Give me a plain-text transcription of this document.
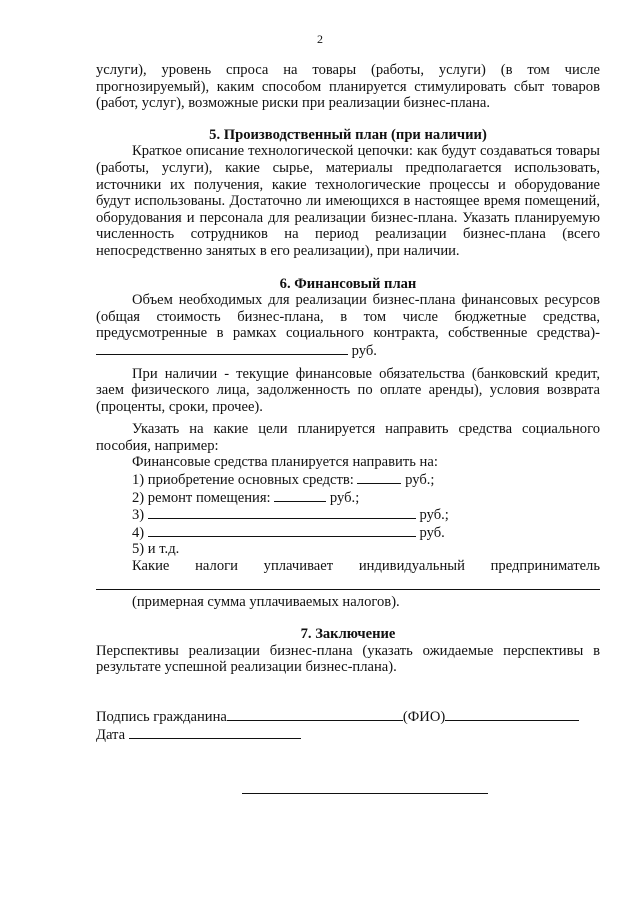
2

услуги), уровень спроса на товары (работы, услуги) (в том числе прогнозируемый), каким способом планируется стимулировать сбыт товаров (работ, услуг), возможные риски при реализации бизнес-плана.

5. Производственный план (при наличии)

Краткое описание технологической цепочки: как будут создаваться товары (работы, услуги), какие сырье, материалы предполагается использовать, источники их получения, какие технологические процессы и оборудование будут использованы. Достаточно ли имеющихся в настоящее время помещений, оборудования и персонала для реализации бизнес-плана. Указать планируемую численность сотрудников на период реализации бизнес-плана (всего непосредственно занятых в его реализации), при наличии.

6. Финансовый план

Объем необходимых для реализации бизнес-плана финансовых ресурсов (общая стоимость бизнес-плана, в том числе бюджетные средства, предусмотренные в рамках социального контракта, собственные средства)-  руб.

При наличии - текущие финансовые обязательства (банковский кредит, заем физического лица, задолженность по оплате аренды), условия возврата (проценты, сроки, прочее).

Указать на какие цели планируется направить средства социального пособия, например:

Финансовые средства планируется направить на:

1) приобретение основных средств:	руб.;

2) ремонт помещения:	руб.;

3)	руб.;

4)	руб.

5) и т.д.

Какие налоги уплачивает индивидуальный предприниматель

(примерная сумма уплачиваемых налогов).

7. Заключение

Перспективы реализации бизнес-плана (указать ожидаемые перспективы в результате успешной реализации бизнес-плана).

Подпись гражданина	(ФИО)

Дата
